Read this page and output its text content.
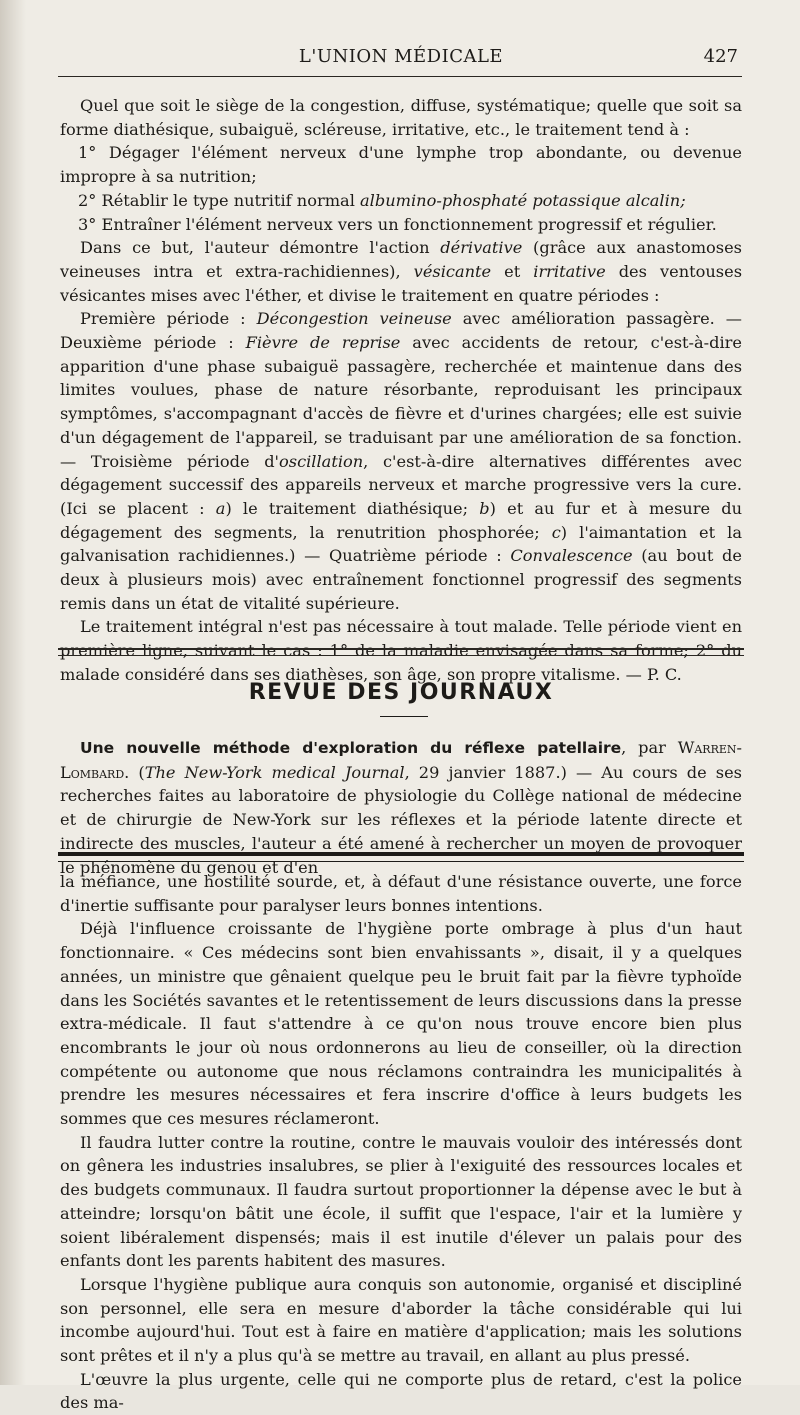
L'UNION MÉDICALE	427

Quel que soit le siège de la congestion, diffuse, systématique; quelle que soit sa forme diathésique, subaiguë, scléreuse, irritative, etc., le traitement tend à :

1° Dégager l'élément nerveux d'une lymphe trop abondante, ou devenue impropre à sa nutrition;

2° Rétablir le type nutritif normal albumino-phosphaté potassique alcalin;

3° Entraîner l'élément nerveux vers un fonctionnement progressif et régulier.

Dans ce but, l'auteur démontre l'action dérivative (grâce aux anastomoses veineuses intra et extra-rachidiennes), vésicante et irritative des ventouses vésicantes mises avec l'éther, et divise le traitement en quatre périodes :

Première période : Décongestion veineuse avec amélioration passagère. — Deuxième période : Fièvre de reprise avec accidents de retour, c'est-à-dire apparition d'une phase subaiguë passagère, recherchée et maintenue dans des limites voulues, phase de nature résorbante, reproduisant les principaux symptômes, s'accompagnant d'accès de fièvre et d'urines chargées; elle est suivie d'un dégagement de l'appareil, se traduisant par une amélioration de sa fonction. — Troisième période d'oscillation, c'est-à-dire alternatives différentes avec dégagement successif des appareils nerveux et marche progressive vers la cure. (Ici se placent : a) le traitement diathésique; b) et au fur et à mesure du dégagement des segments, la renutrition phosphorée; c) l'aimantation et la galvanisation rachidiennes.) — Quatrième période : Convalescence (au bout de deux à plusieurs mois) avec entraînement fonctionnel progressif des segments remis dans un état de vitalité supérieure.

Le traitement intégral n'est pas nécessaire à tout malade. Telle période vient en première ligne, suivant le cas : 1° de la maladie envisagée dans sa forme; 2° du malade considéré dans ses diathèses, son âge, son propre vitalisme. — P. C.

REVUE DES JOURNAUX

Une nouvelle méthode d'exploration du réflexe patellaire, par Warren-Lombard. (The New-York medical Journal, 29 janvier 1887.) — Au cours de ses recherches faites au laboratoire de physiologie du Collège national de médecine et de chirurgie de New-York sur les réflexes et la période latente directe et indirecte des muscles, l'auteur a été amené à rechercher un moyen de provoquer le phénomène du genou et d'en

la méfiance, une hostilité sourde, et, à défaut d'une résistance ouverte, une force d'inertie suffisante pour paralyser leurs bonnes intentions.

Déjà l'influence croissante de l'hygiène porte ombrage à plus d'un haut fonctionnaire. « Ces médecins sont bien envahissants », disait, il y a quelques années, un ministre que gênaient quelque peu le bruit fait par la fièvre typhoïde dans les Sociétés savantes et le retentissement de leurs discussions dans la presse extra-médicale. Il faut s'attendre à ce qu'on nous trouve encore bien plus encombrants le jour où nous ordonnerons au lieu de conseiller, où la direction compétente ou autonome que nous réclamons contraindra les municipalités à prendre les mesures nécessaires et fera inscrire d'office à leurs budgets les sommes que ces mesures réclameront.

Il faudra lutter contre la routine, contre le mauvais vouloir des intéressés dont on gênera les industries insalubres, se plier à l'exiguité des ressources locales et des budgets communaux. Il faudra surtout proportionner la dépense avec le but à atteindre; lorsqu'on bâtit une école, il suffit que l'espace, l'air et la lumière y soient libéralement dispensés; mais il est inutile d'élever un palais pour des enfants dont les parents habitent des masures.

Lorsque l'hygiène publique aura conquis son autonomie, organisé et discipliné son personnel, elle sera en mesure d'aborder la tâche considérable qui lui incombe aujourd'hui. Tout est à faire en matière d'application; mais les solutions sont prêtes et il n'y a plus qu'à se mettre au travail, en allant au plus pressé.

L'œuvre la plus urgente, celle qui ne comporte plus de retard, c'est la police des ma-
